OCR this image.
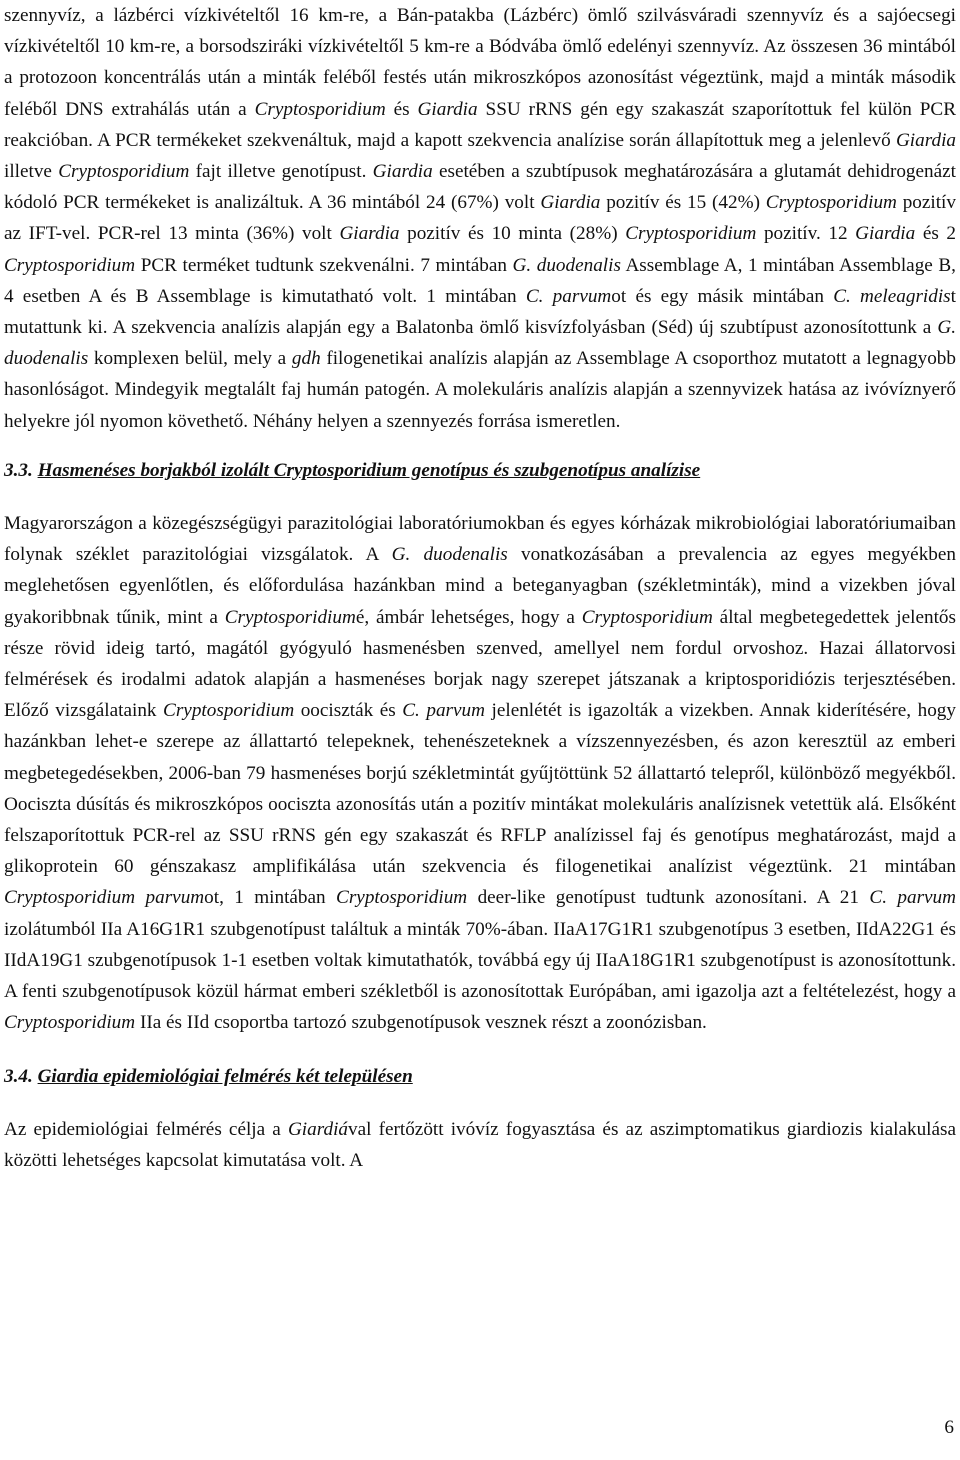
szennyvíz, a lázbérci vízkivételtől 16 km-re, a Bán-patakba (Lázbérc) ömlő szilvásváradi szennyvíz és a sajóecsegi vízkivételtől 10 km-re, a borsodsziráki vízkivételtől 5 km-re a Bódvába ömlő edelényi szennyvíz. Az összesen 36 mintából a protozoon koncentrálás után a minták feléből festés után mikroszkópos azonosítást végeztünk, majd a minták második feléből DNS extrahálás után a Cryptosporidium és Giardia SSU rRNS gén egy szakaszát szaporítottuk fel külön PCR reakcióban. A PCR termékeket szekvenáltuk, majd a kapott szekvencia analízise során állapítottuk meg a jelenlevő Giardia illetve Cryptosporidium fajt illetve genotípust. Giardia esetében a szubtípusok meghatározására a glutamát dehidrogenázt kódoló PCR termékeket is analizáltuk. A 36 mintából 24 (67%) volt Giardia pozitív és 15 (42%) Cryptosporidium pozitív az IFT-vel. PCR-rel 13 minta (36%) volt Giardia pozitív és 10 minta (28%) Cryptosporidium pozitív. 12 Giardia és 2 Cryptosporidium PCR terméket tudtunk szekvenálni. 7 mintában G. duodenalis Assemblage A, 1 mintában Assemblage B, 4 esetben A és B Assemblage is kimutatható volt. 1 mintában C. parvumot és egy másik mintában C. meleagridist mutattunk ki. A szekvencia analízis alapján egy a Balatonba ömlő kisvízfolyásban (Séd) új szubtípust azonosítottunk a G. duodenalis komplexen belül, mely a gdh filogenetikai analízis alapján az Assemblage A csoporthoz mutatott a legnagyobb hasonlóságot. Mindegyik megtalált faj humán patogén. A molekuláris analízis alapján a szennyvizek hatása az ivóvíznyerő helyekre jól nyomon követhető. Néhány helyen a szennyezés forrása ismeretlen.

3.3. Hasmenéses borjakból izolált Cryptosporidium genotípus és szubgenotípus analízise

Magyarországon a közegészségügyi parazitológiai laboratóriumokban és egyes kórházak mikrobiológiai laboratóriumaiban folynak széklet parazitológiai vizsgálatok. A G. duodenalis vonatkozásában a prevalencia az egyes megyékben meglehetősen egyenlőtlen, és előfordulása hazánkban mind a beteganyagban (székletminták), mind a vizekben jóval gyakoribbnak tűnik, mint a Cryptosporidiumé, ámbár lehetséges, hogy a Cryptosporidium által megbetegedettek jelentős része rövid ideig tartó, magától gyógyuló hasmenésben szenved, amellyel nem fordul orvoshoz. Hazai állatorvosi felmérések és irodalmi adatok alapján a hasmenéses borjak nagy szerepet játszanak a kriptosporidiózis terjesztésében. Előző vizsgálataink Cryptosporidium oociszták és C. parvum jelenlétét is igazolták a vizekben. Annak kiderítésére, hogy hazánkban lehet-e szerepe az állattartó telepeknek, tehenészeteknek a vízszennyezésben, és azon keresztül az emberi megbetegedésekben, 2006-ban 79 hasmenéses borjú székletmintát gyűjtöttünk 52 állattartó telepről, különböző megyékből. Oociszta dúsítás és mikroszkópos oociszta azonosítás után a pozitív mintákat molekuláris analízisnek vetettük alá. Elsőként felszaporítottuk PCR-rel az SSU rRNS gén egy szakaszát és RFLP analízissel faj és genotípus meghatározást, majd a glikoprotein 60 génszakasz amplifikálása után szekvencia és filogenetikai analízist végeztünk. 21 mintában Cryptosporidium parvumot, 1 mintában Cryptosporidium deer-like genotípust tudtunk azonosítani. A 21 C. parvum izolátumból IIa A16G1R1 szubgenotípust találtuk a minták 70%-ában. IIaA17G1R1 szubgenotípus 3 esetben, IIdA22G1 és IIdA19G1 szubgenotípusok 1-1 esetben voltak kimutathatók, továbbá egy új IIaA18G1R1 szubgenotípust is azonosítottunk. A fenti szubgenotípusok közül hármat emberi székletből is azonosítottak Európában, ami igazolja azt a feltételezést, hogy a Cryptosporidium IIa és IId csoportba tartozó szubgenotípusok vesznek részt a zoonózisban.

3.4. Giardia epidemiológiai felmérés két településen

Az epidemiológiai felmérés célja a Giardiával fertőzött ivóvíz fogyasztása és az aszimptomatikus giardiozis kialakulása közötti lehetséges kapcsolat kimutatása volt. A

6
